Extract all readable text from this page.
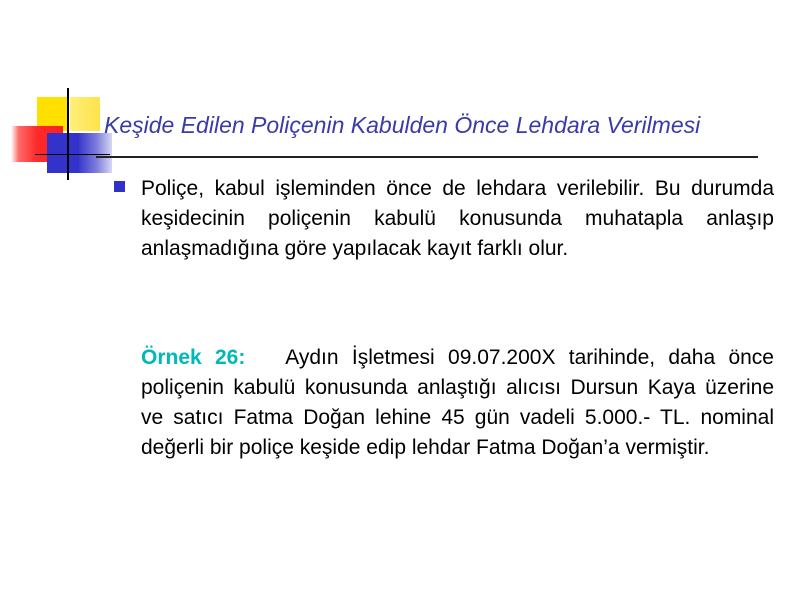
Keşide Edilen Poliçenin Kabulden Önce Lehdara Verilmesi
Poliçe, kabul işleminden önce de lehdara verilebilir. Bu durumda keşidecinin poliçenin kabulü konusunda muhatapla anlaşıp anlaşmadığına göre yapılacak kayıt farklı olur.
Örnek 26: Aydın İşletmesi 09.07.200X tarihinde, daha önce poliçenin kabulü konusunda anlaştığı alıcısı Dursun Kaya üzerine ve satıcı Fatma Doğan lehine 45 gün vadeli 5.000.- TL. nominal değerli bir poliçe keşide edip lehdar Fatma Doğan’a vermiştir.
